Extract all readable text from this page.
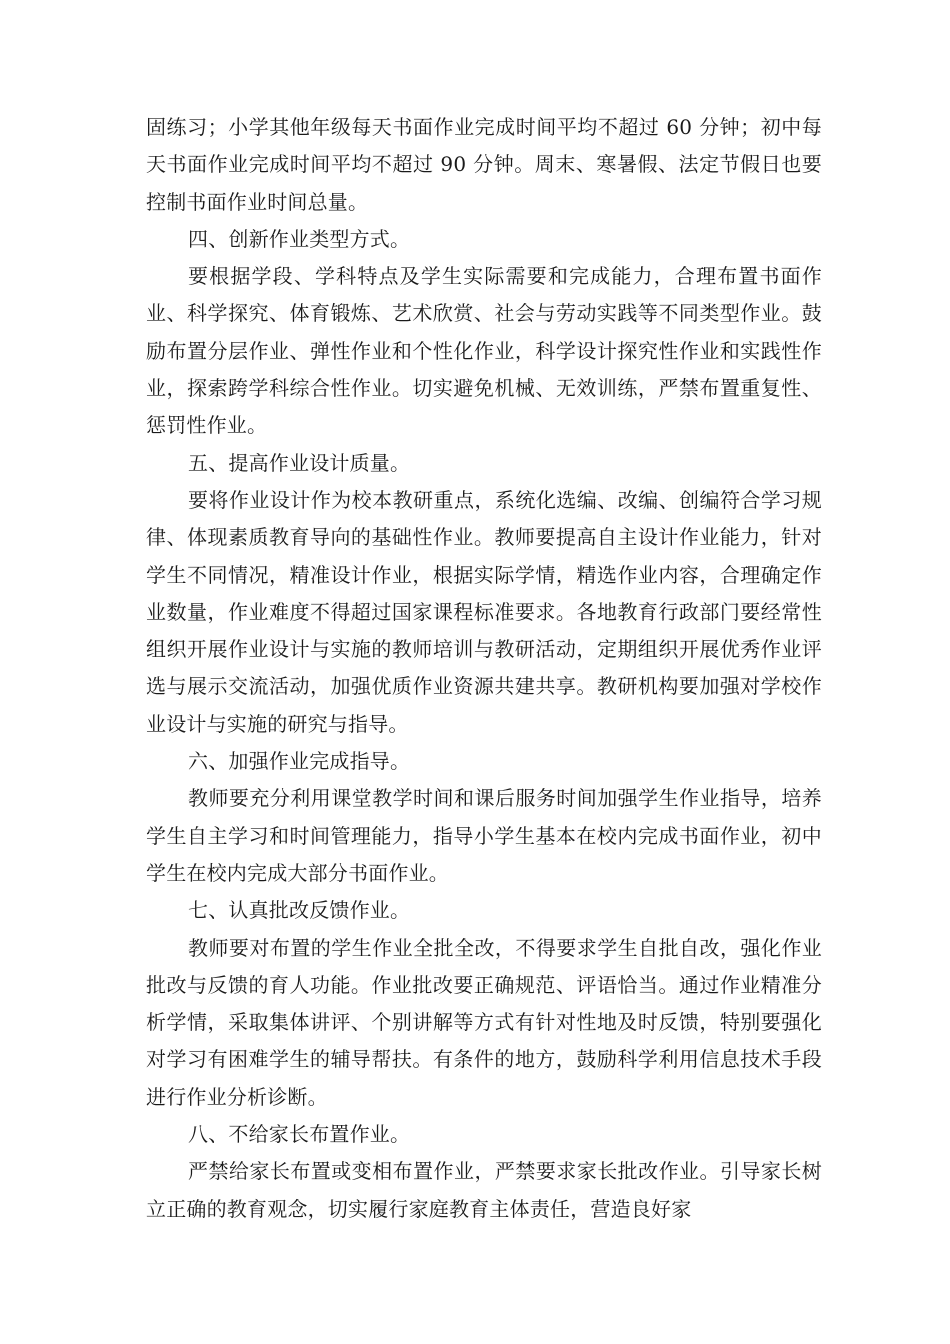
固练习；小学其他年级每天书面作业完成时间平均不超过 60 分钟；初中每天书面作业完成时间平均不超过 90 分钟。周末、寒暑假、法定节假日也要控制书面作业时间总量。

四、创新作业类型方式。

要根据学段、学科特点及学生实际需要和完成能力，合理布置书面作业、科学探究、体育锻炼、艺术欣赏、社会与劳动实践等不同类型作业。鼓励布置分层作业、弹性作业和个性化作业，科学设计探究性作业和实践性作业，探索跨学科综合性作业。切实避免机械、无效训练，严禁布置重复性、惩罚性作业。

五、提高作业设计质量。

要将作业设计作为校本教研重点，系统化选编、改编、创编符合学习规律、体现素质教育导向的基础性作业。教师要提高自主设计作业能力，针对学生不同情况，精准设计作业，根据实际学情，精选作业内容，合理确定作业数量，作业难度不得超过国家课程标准要求。各地教育行政部门要经常性组织开展作业设计与实施的教师培训与教研活动，定期组织开展优秀作业评选与展示交流活动，加强优质作业资源共建共享。教研机构要加强对学校作业设计与实施的研究与指导。

六、加强作业完成指导。

教师要充分利用课堂教学时间和课后服务时间加强学生作业指导，培养学生自主学习和时间管理能力，指导小学生基本在校内完成书面作业，初中学生在校内完成大部分书面作业。

七、认真批改反馈作业。

教师要对布置的学生作业全批全改，不得要求学生自批自改，强化作业批改与反馈的育人功能。作业批改要正确规范、评语恰当。通过作业精准分析学情，采取集体讲评、个别讲解等方式有针对性地及时反馈，特别要强化对学习有困难学生的辅导帮扶。有条件的地方，鼓励科学利用信息技术手段进行作业分析诊断。

八、不给家长布置作业。

严禁给家长布置或变相布置作业，严禁要求家长批改作业。引导家长树立正确的教育观念，切实履行家庭教育主体责任，营造良好家
